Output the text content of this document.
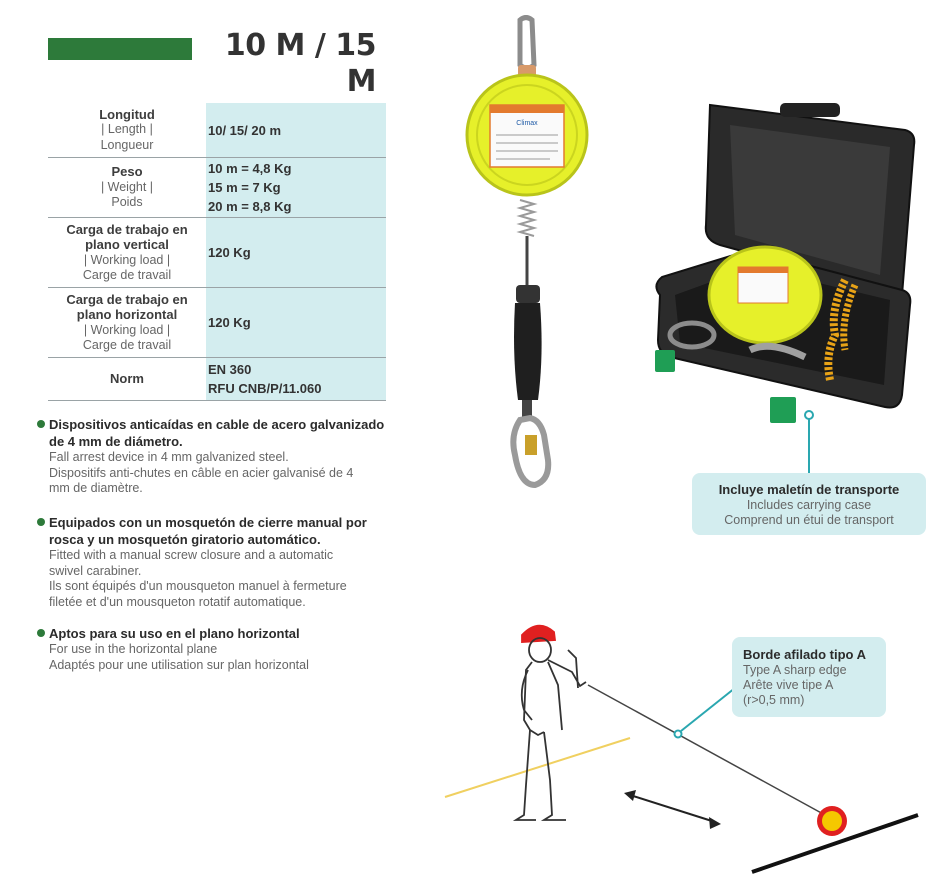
10 M / 15 M
Longitud
| Length |
Longueur	10/ 15/ 20 m

Peso
| Weight |
Poids	10 m = 4,8 Kg
15 m = 7 Kg
20 m = 8,8 Kg

Carga de trabajo en
plano vertical
| Working load |
Carge de travail	120 Kg

Carga de trabajo en
plano horizontal
| Working load |
Carge de travail	120 Kg

Norm	EN 360
RFU CNB/P/11.060
Dispositivos anticaídas en cable de acero galvanizado
de 4 mm de diámetro.
Fall arrest device in 4 mm galvanized steel.
Dispositifs anti-chutes en câble en acier galvanisé de 4
mm de diamètre.
Equipados con un mosquetón de cierre manual por
rosca y un mosquetón giratorio automático.
Fitted with a manual screw closure and a automatic
swivel carabiner.
Ils sont équipés d'un mousqueton manuel à fermeture
filetée et d'un mousqueton rotatif automatique.
Aptos para su uso en el plano horizontal
For use in the horizontal plane
Adaptés pour une utilisation sur plan horizontal
Climax
Incluye maletín de transporte
Includes carrying case
Comprend un étui de transport
Borde afilado tipo A
Type A sharp edge
Arête vive tipe A
(r>0,5 mm)
